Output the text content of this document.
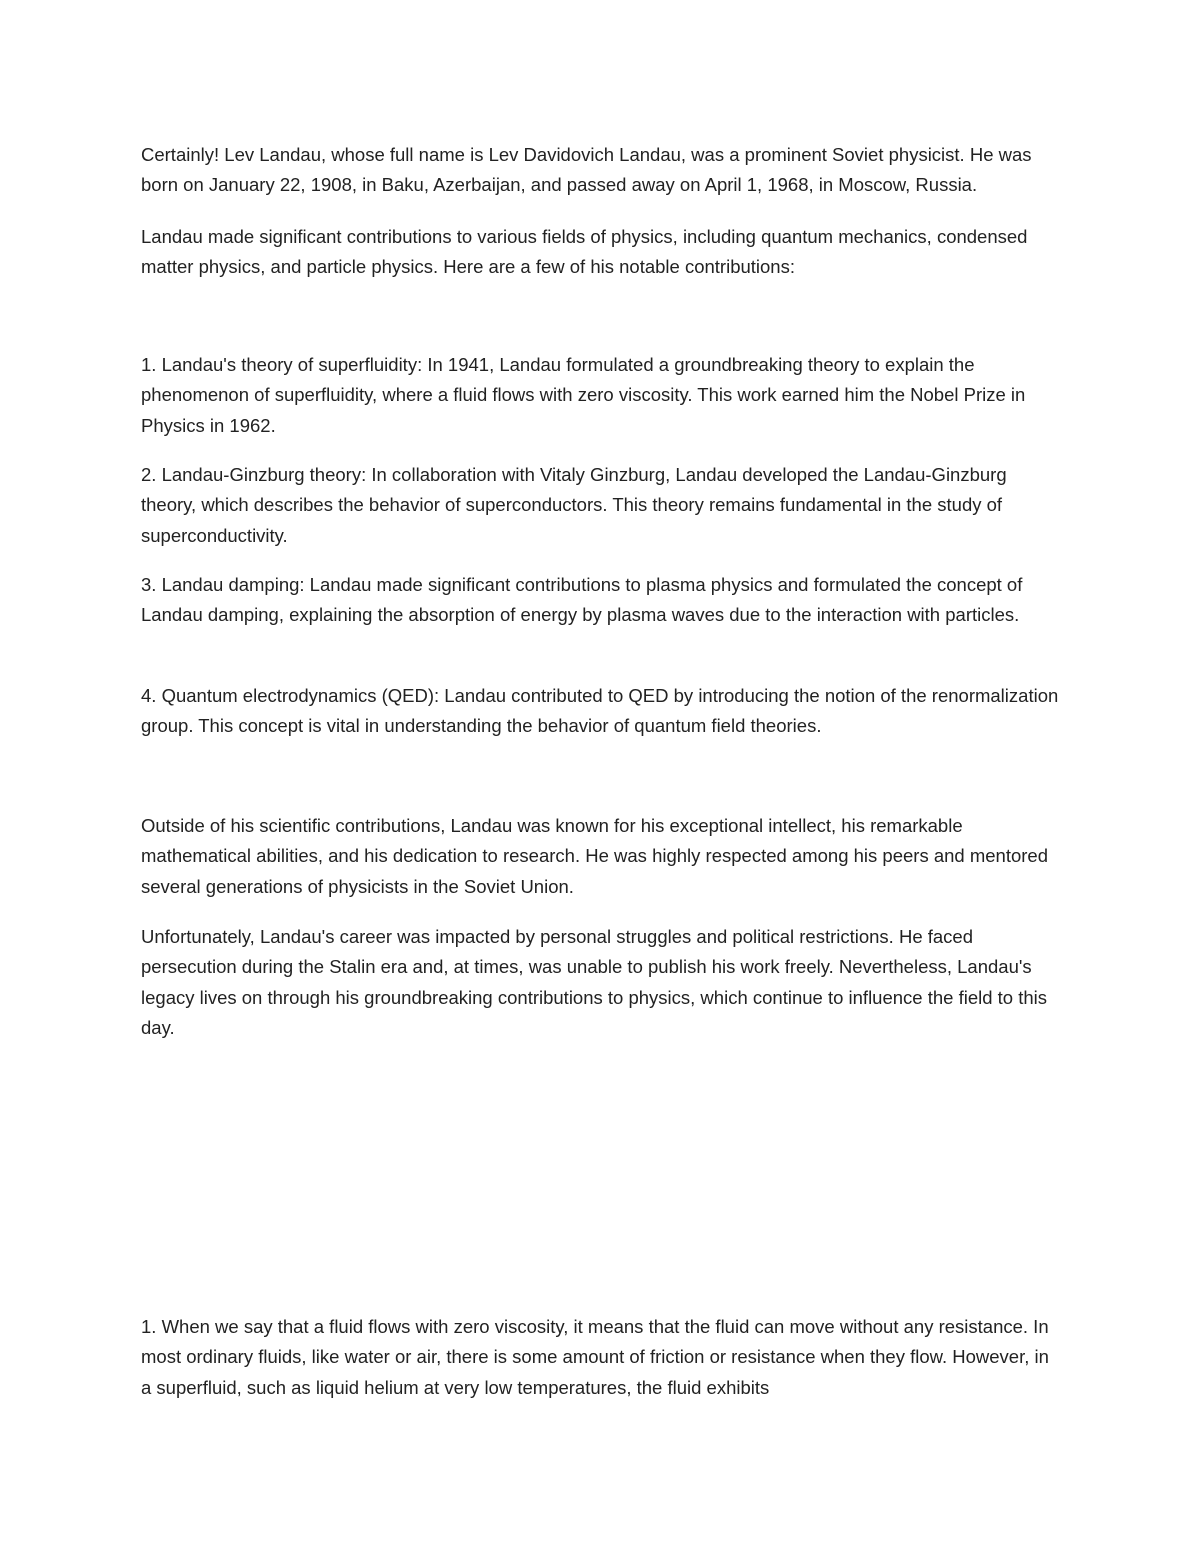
Certainly! Lev Landau, whose full name is Lev Davidovich Landau, was a prominent Soviet physicist. He was born on January 22, 1908, in Baku, Azerbaijan, and passed away on April 1, 1968, in Moscow, Russia.

Landau made significant contributions to various fields of physics, including quantum mechanics, condensed matter physics, and particle physics. Here are a few of his notable contributions:

1. Landau's theory of superfluidity: In 1941, Landau formulated a groundbreaking theory to explain the phenomenon of superfluidity, where a fluid flows with zero viscosity. This work earned him the Nobel Prize in Physics in 1962.

2. Landau-Ginzburg theory: In collaboration with Vitaly Ginzburg, Landau developed the Landau-Ginzburg theory, which describes the behavior of superconductors. This theory remains fundamental in the study of superconductivity.

3. Landau damping: Landau made significant contributions to plasma physics and formulated the concept of Landau damping, explaining the absorption of energy by plasma waves due to the interaction with particles.

4. Quantum electrodynamics (QED): Landau contributed to QED by introducing the notion of the renormalization group. This concept is vital in understanding the behavior of quantum field theories.

Outside of his scientific contributions, Landau was known for his exceptional intellect, his remarkable mathematical abilities, and his dedication to research. He was highly respected among his peers and mentored several generations of physicists in the Soviet Union.

Unfortunately, Landau's career was impacted by personal struggles and political restrictions. He faced persecution during the Stalin era and, at times, was unable to publish his work freely. Nevertheless, Landau's legacy lives on through his groundbreaking contributions to physics, which continue to influence the field to this day.

1. When we say that a fluid flows with zero viscosity, it means that the fluid can move without any resistance. In most ordinary fluids, like water or air, there is some amount of friction or resistance when they flow. However, in a superfluid, such as liquid helium at very low temperatures, the fluid exhibits
